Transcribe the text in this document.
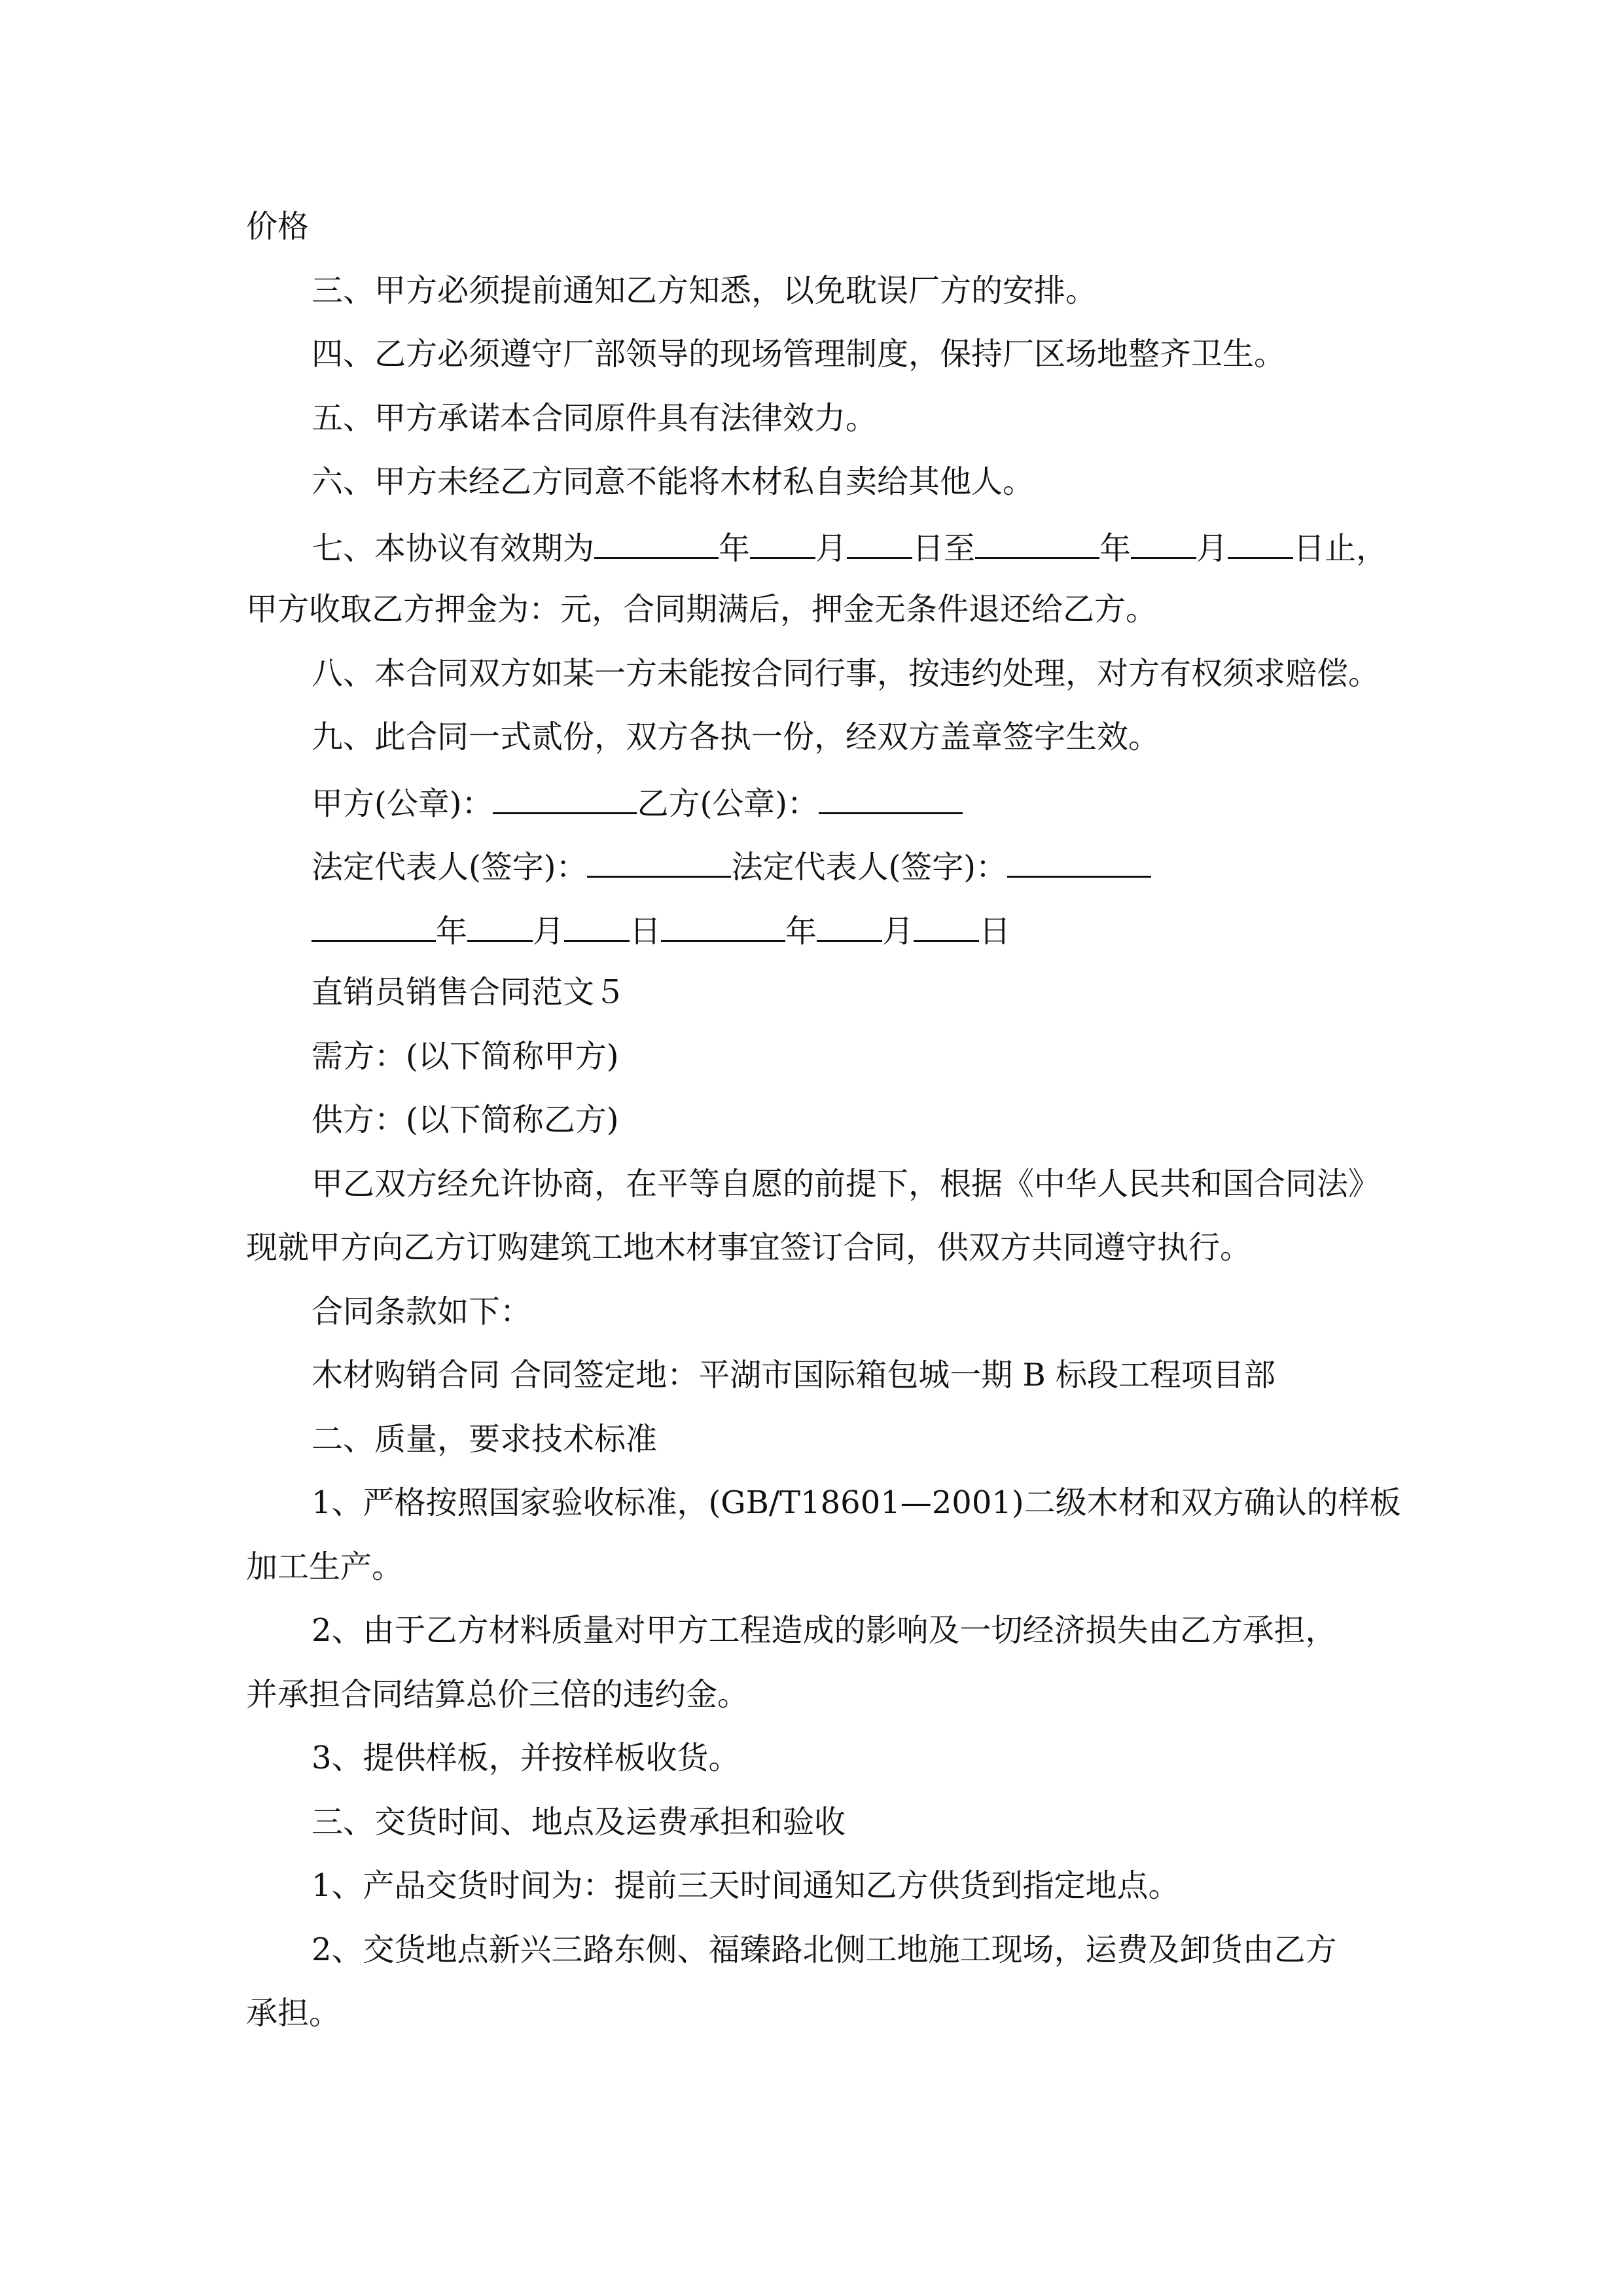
价格
三、甲方必须提前通知乙方知悉，以免耽误厂方的安排。
四、乙方必须遵守厂部领导的现场管理制度，保持厂区场地整齐卫生。
五、甲方承诺本合同原件具有法律效力。
六、甲方未经乙方同意不能将木材私自卖给其他人。
七、本协议有效期为	年 月 日至	年 月 日止，
甲方收取乙方押金为：元，合同期满后，押金无条件退还给乙方。
八、本合同双方如某一方未能按合同行事，按违约处理，对方有权须求赔偿。
九、此合同一式贰份，双方各执一份，经双方盖章签字生效。
甲方(公章)：	乙方(公章)：
法定代表人(签字)：	法定代表人(签字)：
年 月 日	年 月 日
直销员销售合同范文５
需方：(以下简称甲方)
供方：(以下简称乙方)
甲乙双方经允许协商，在平等自愿的前提下，根据《中华人民共和国合同法》
现就甲方向乙方订购建筑工地木材事宜签订合同，供双方共同遵守执行。
合同条款如下：
木材购销合同 合同签定地：平湖市国际箱包城一期 B 标段工程项目部
二、质量，要求技术标准
1、严格按照国家验收标准，(GB/T18601—2001)二级木材和双方确认的样板
加工生产。
2、由于乙方材料质量对甲方工程造成的影响及一切经济损失由乙方承担，
并承担合同结算总价三倍的违约金。
3、提供样板，并按样板收货。
三、交货时间、地点及运费承担和验收
1、产品交货时间为：提前三天时间通知乙方供货到指定地点。
2、交货地点新兴三路东侧、福臻路北侧工地施工现场，运费及卸货由乙方
承担。
